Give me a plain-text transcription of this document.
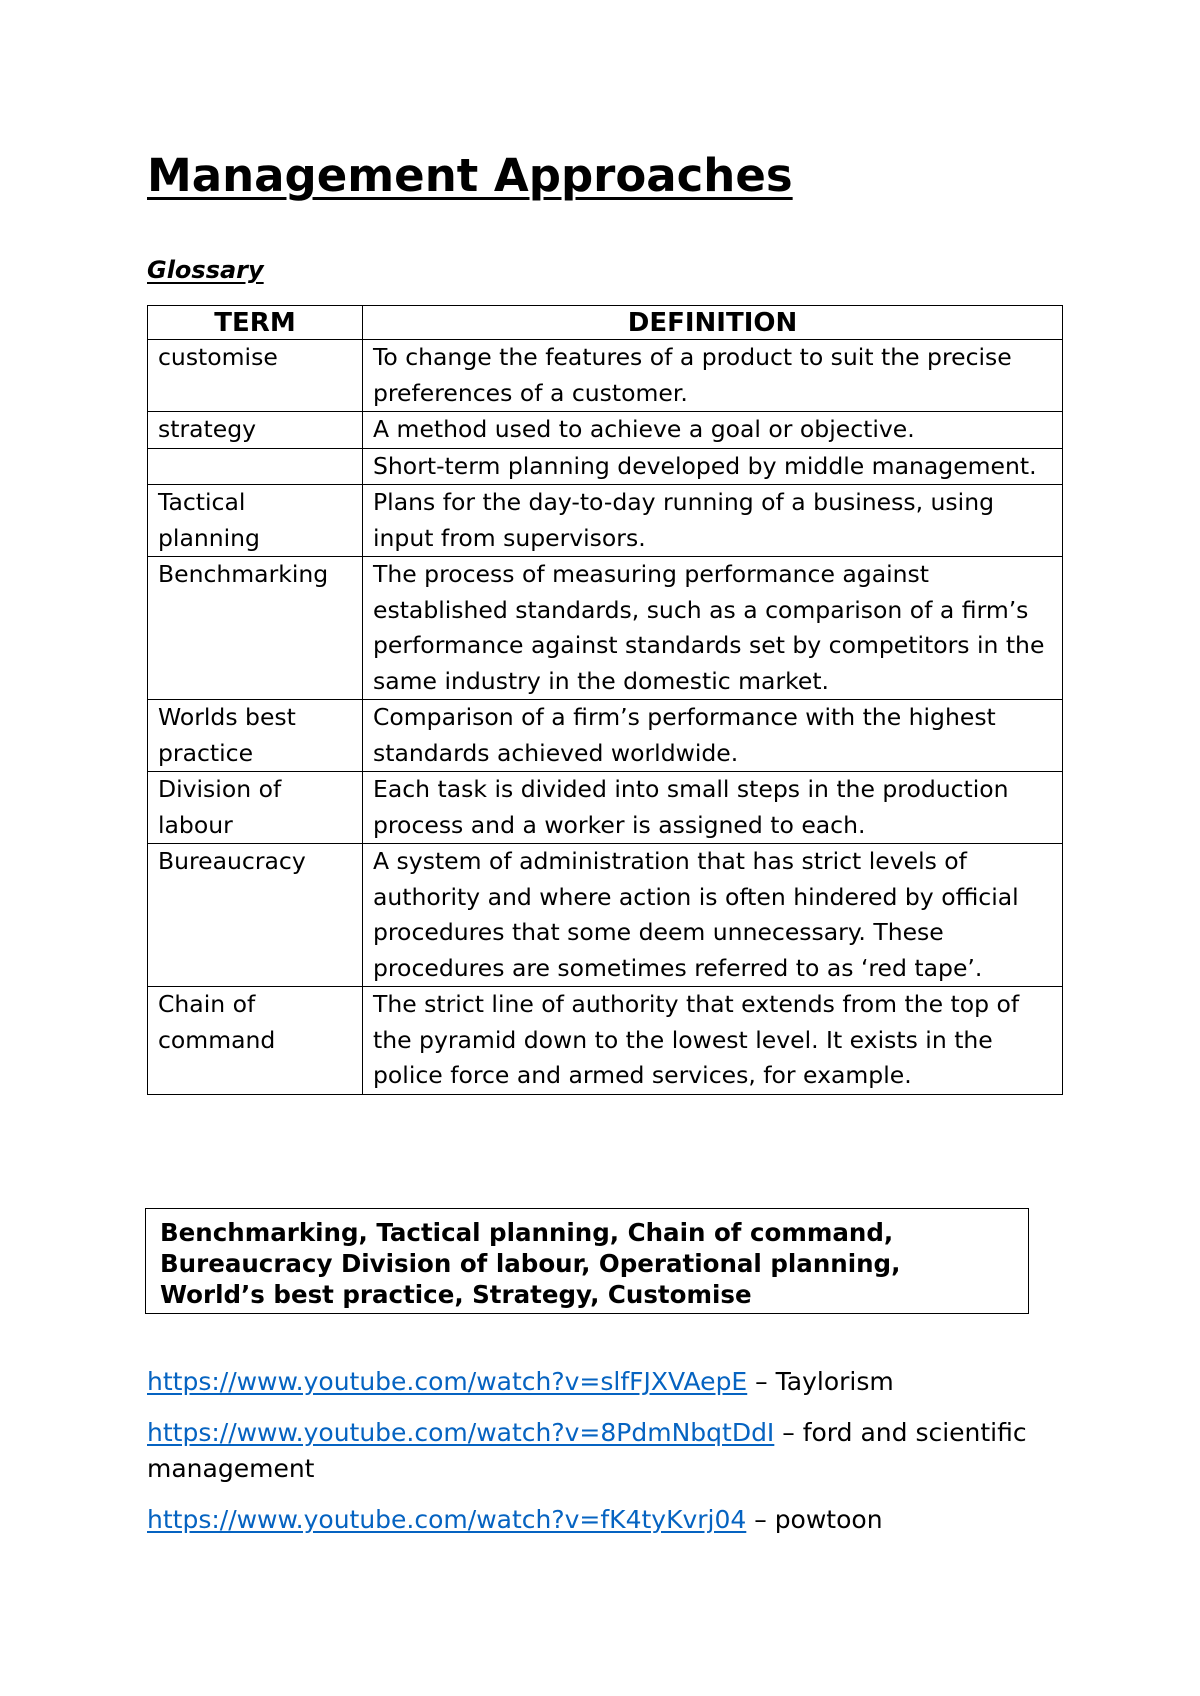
Management Approaches
Glossary
TERM	DEFINITION
customise	To change the features of a product to suit the precise preferences of a customer.
strategy	A method used to achieve a goal or objective.
	Short-term planning developed by middle management.
Tactical planning	Plans for the day-to-day running of a business, using input from supervisors.
Benchmarking	The process of measuring performance against established standards, such as a comparison of a firm’s performance against standards set by competitors in the same industry in the domestic market.
Worlds best practice	Comparison of a firm’s performance with the highest standards achieved worldwide.
Division of labour	Each task is divided into small steps in the production process and a worker is assigned to each.
Bureaucracy	A system of administration that has strict levels of authority and where action is often hindered by official procedures that some deem unnecessary. These procedures are sometimes referred to as ‘red tape’.
Chain of command	The strict line of authority that extends from the top of the pyramid down to the lowest level. It exists in the police force and armed services, for example.
Benchmarking, Tactical planning, Chain of command,
Bureaucracy Division of labour, Operational planning,
World’s best practice, Strategy, Customise

https://www.youtube.com/watch?v=slfFJXVAepE – Taylorism

https://www.youtube.com/watch?v=8PdmNbqtDdI – ford and scientific management

https://www.youtube.com/watch?v=fK4tyKvrj04 – powtoon
